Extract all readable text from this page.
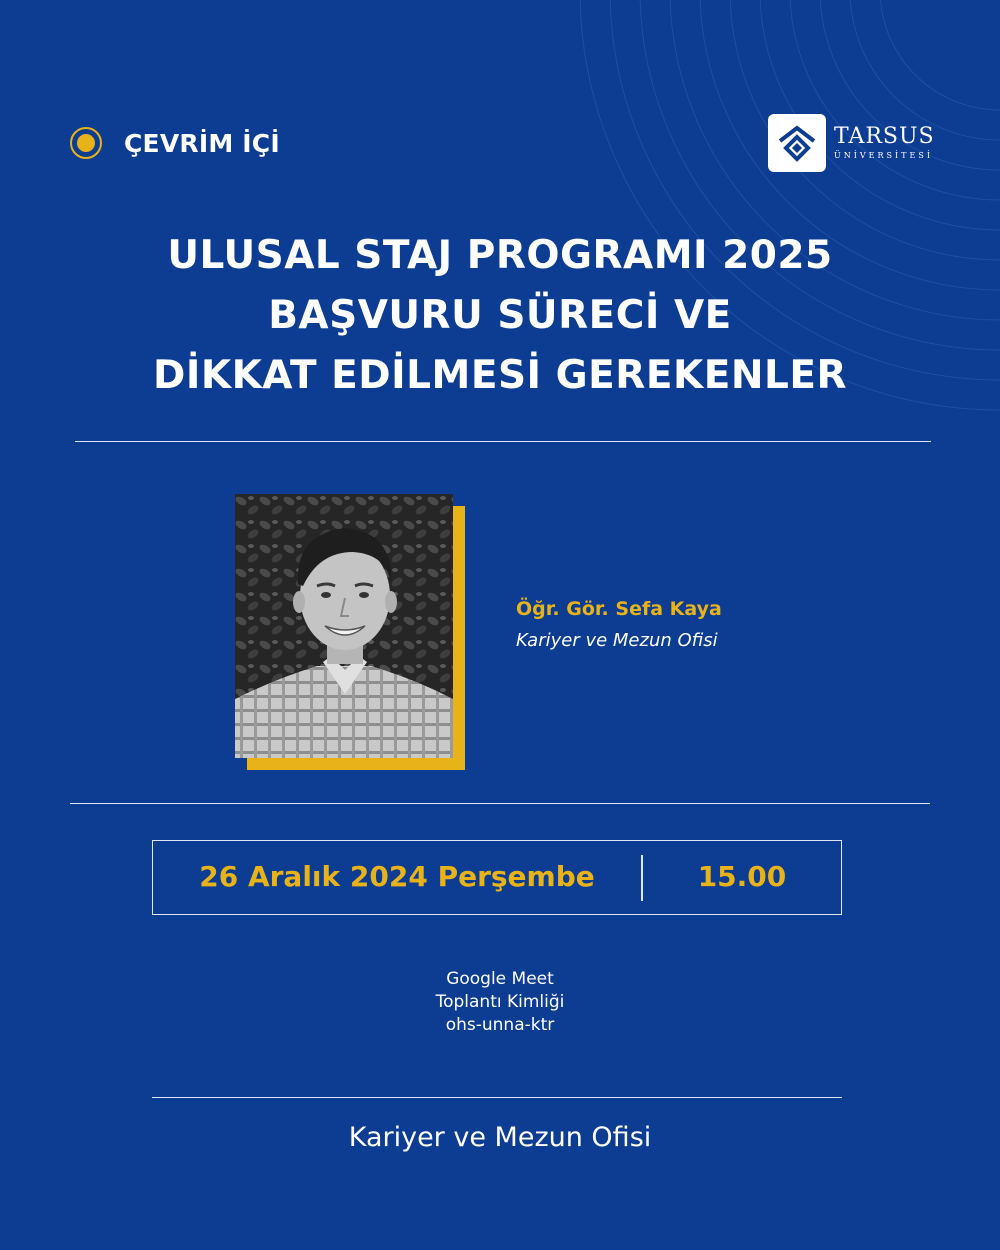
ÇEVRİM İÇİ	TARSUS
ÜNİVERSİTESİ
ULUSAL STAJ PROGRAMI 2025
BAŞVURU SÜRECİ VE
DİKKAT EDİLMESİ GEREKENLER
Öğr. Gör. Sefa Kaya
Kariyer ve Mezun Ofisi
26 Aralık 2024 Perşembe	15.00
Google Meet
Toplantı Kimliği
ohs-unna-ktr
Kariyer ve Mezun Ofisi
